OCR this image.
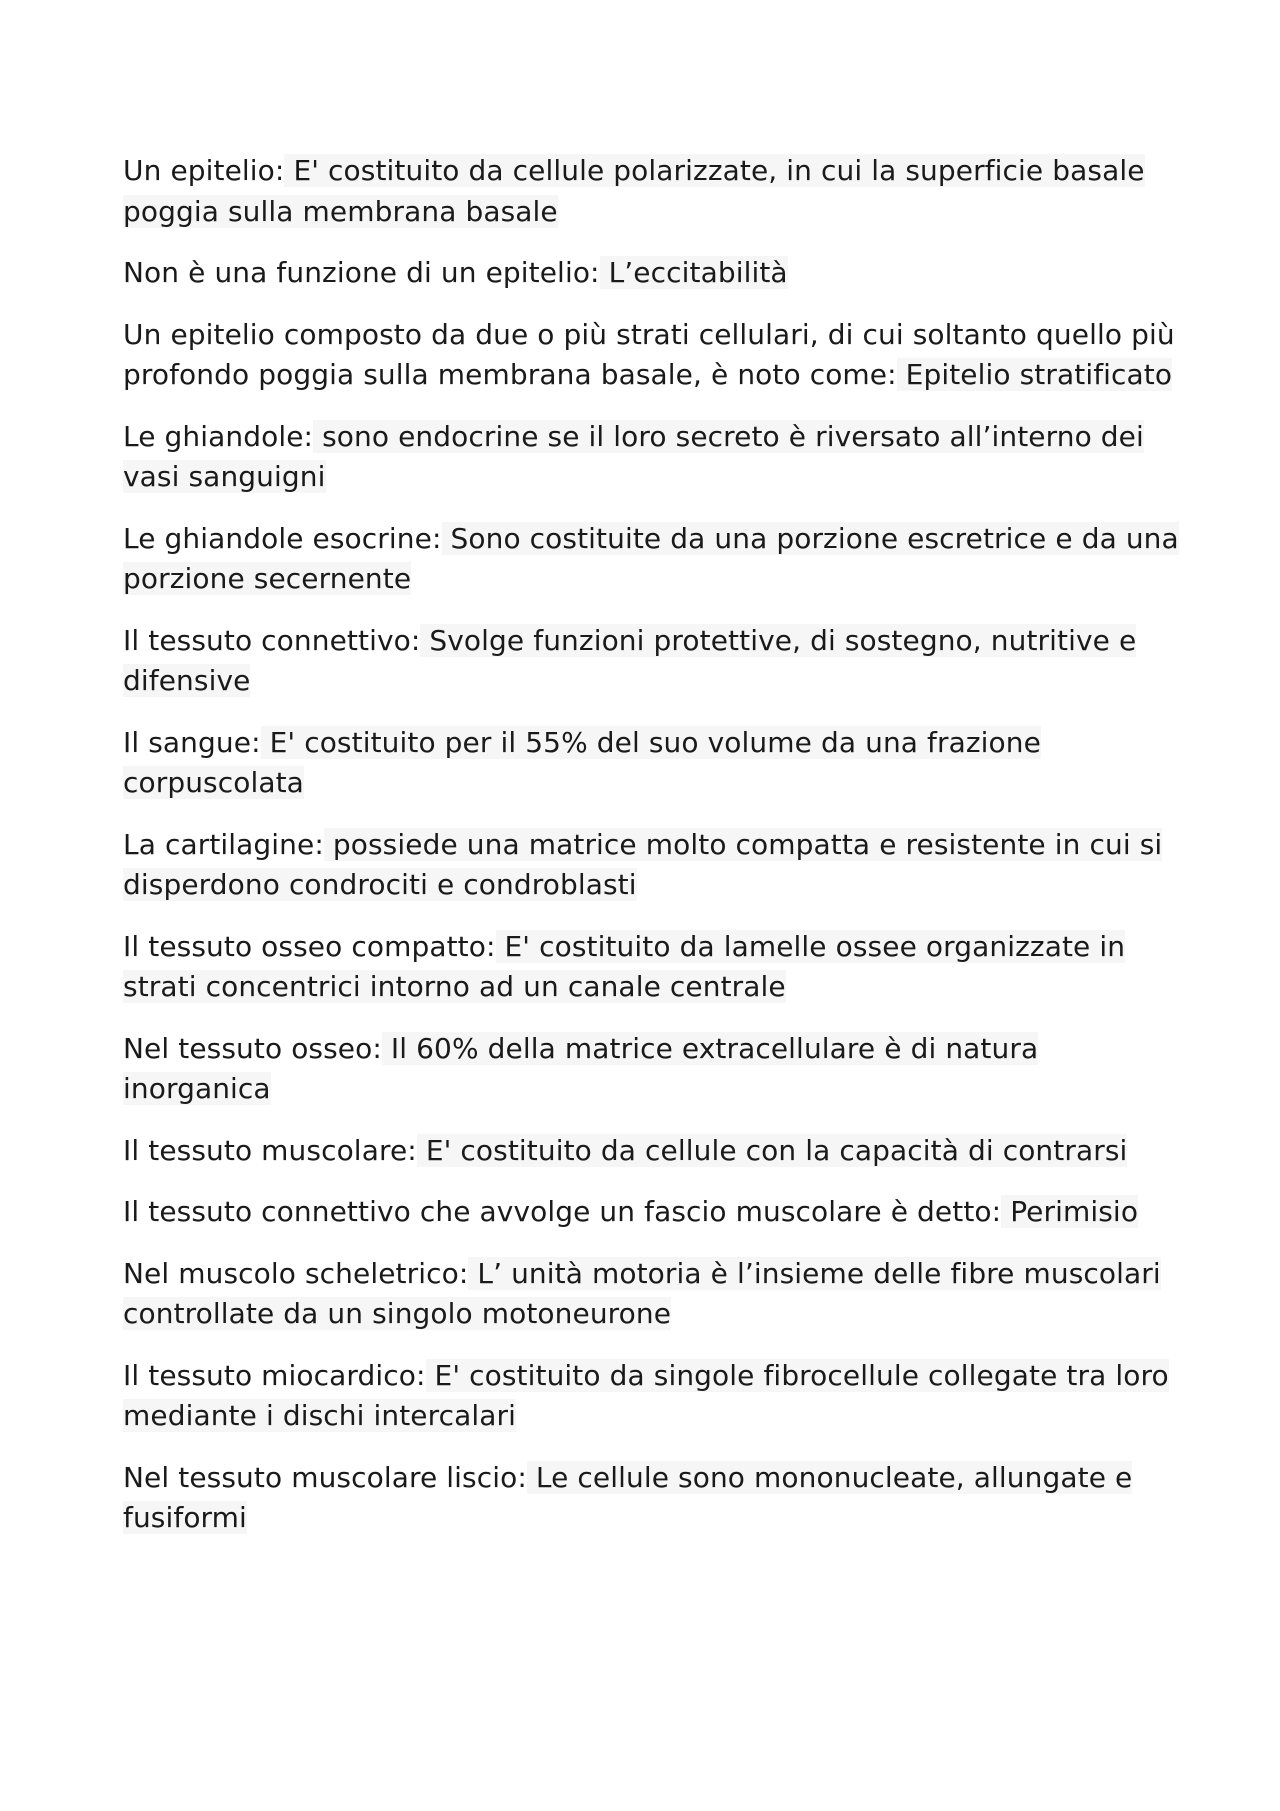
Un epitelio: E' costituito da cellule polarizzate, in cui la superficie basale poggia sulla membrana basale

Non è una funzione di un epitelio: L’eccitabilità

Un epitelio composto da due o più strati cellulari, di cui soltanto quello più profondo poggia sulla membrana basale, è noto come: Epitelio stratificato

Le ghiandole: sono endocrine se il loro secreto è riversato all’interno dei vasi sanguigni

Le ghiandole esocrine: Sono costituite da una porzione escretrice e da una porzione secernente

Il tessuto connettivo: Svolge funzioni protettive, di sostegno, nutritive e difensive

Il sangue: E' costituito per il 55% del suo volume da una frazione corpuscolata

La cartilagine: possiede una matrice molto compatta e resistente in cui si disperdono condrociti e condroblasti

Il tessuto osseo compatto: E' costituito da lamelle ossee organizzate in strati concentrici intorno ad un canale centrale

Nel tessuto osseo: Il 60% della matrice extracellulare è di natura inorganica

Il tessuto muscolare: E' costituito da cellule con la capacità di contrarsi

Il tessuto connettivo che avvolge un fascio muscolare è detto: Perimisio

Nel muscolo scheletrico: L’ unità motoria è l’insieme delle fibre muscolari controllate da un singolo motoneurone

Il tessuto miocardico: E' costituito da singole fibrocellule collegate tra loro mediante i dischi intercalari

Nel tessuto muscolare liscio: Le cellule sono mononucleate, allungate e fusiformi
